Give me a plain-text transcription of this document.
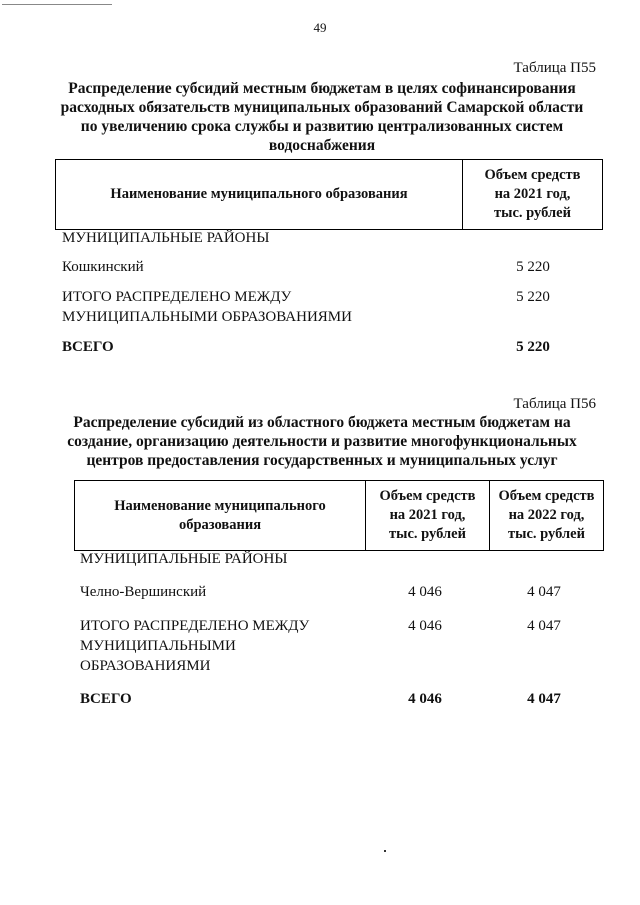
49
Таблица П55
Распределение субсидий местным бюджетам в целях софинансирования
расходных обязательств муниципальных образований Самарской области
по увеличению срока службы и развитию централизованных систем
водоснабжения
Наименование муниципального образования	
Объем средств
на 2021 год,
тыс. рублей
МУНИЦИПАЛЬНЫЕ РАЙОНЫ
Кошкинский	5 220
ИТОГО РАСПРЕДЕЛЕНО МЕЖДУ
МУНИЦИПАЛЬНЫМИ ОБРАЗОВАНИЯМИ
5 220
ВСЕГО	5 220
Таблица П56
Распределение субсидий из областного бюджета местным бюджетам на
создание, организацию деятельности и развитие многофункциональных
центров предоставления государственных и муниципальных услуг
Наименование муниципального
образования

Объем средств
на 2021 год,
тыс. рублей

Объем средств
на 2022 год,
тыс. рублей
МУНИЦИПАЛЬНЫЕ РАЙОНЫ
Челно-Вершинский	4 046	4 047
ИТОГО РАСПРЕДЕЛЕНО МЕЖДУ
МУНИЦИПАЛЬНЫМИ
ОБРАЗОВАНИЯМИ
4 046	4 047
ВСЕГО	4 046	4 047
